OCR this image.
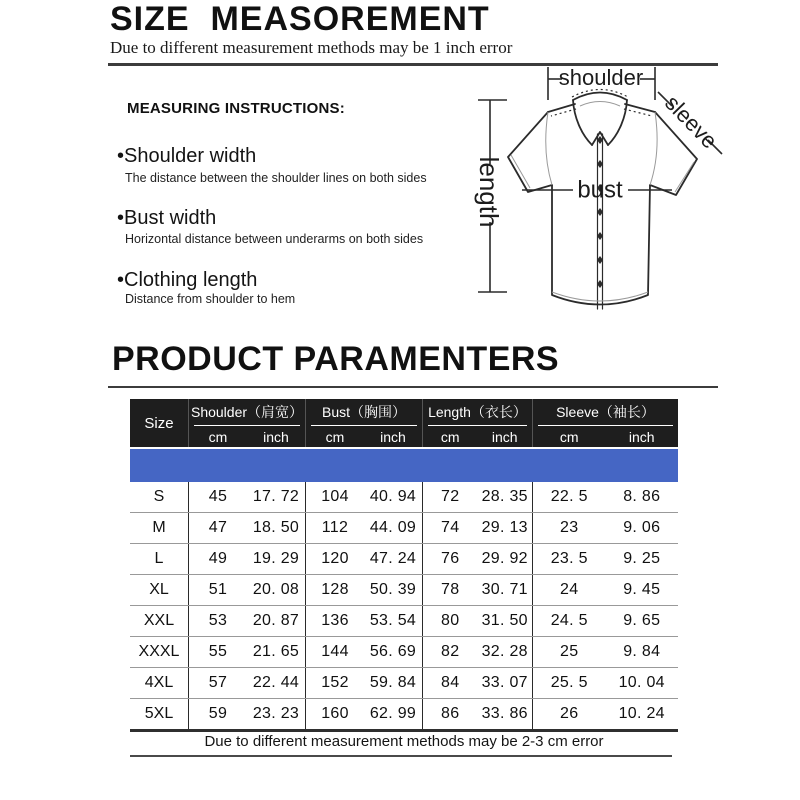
SIZE  MEASOREMENT
Due to different measurement methods may be 1 inch error
MEASURING INSTRUCTIONS:
•Shoulder width
The distance between the shoulder lines on both sides
•Bust width
Horizontal distance between underarms on both sides
•Clothing length
Distance from shoulder to hem
shoulder
length	bust
sleeve
PRODUCT PARAMENTERS
Size
Shoulder（肩宽）
cm	inch
Bust（胸围）
cm	inch
Length（衣长）
cm	inch
Sleeve（袖长）
cm	inch
S	45	17. 72	104	40. 94	72	28. 35	22. 5	8. 86
M	47	18. 50	112	44. 09	74	29. 13	23	9. 06
L	49	19. 29	120	47. 24	76	29. 92	23. 5	9. 25
XL	51	20. 08	128	50. 39	78	30. 71	24	9. 45
XXL	53	20. 87	136	53. 54	80	31. 50	24. 5	9. 65
XXXL	55	21. 65	144	56. 69	82	32. 28	25	9. 84
4XL	57	22. 44	152	59. 84	84	33. 07	25. 5	10. 04
5XL	59	23. 23	160	62. 99	86	33. 86	26	10. 24
Due to different measurement methods may be 2-3 cm error
